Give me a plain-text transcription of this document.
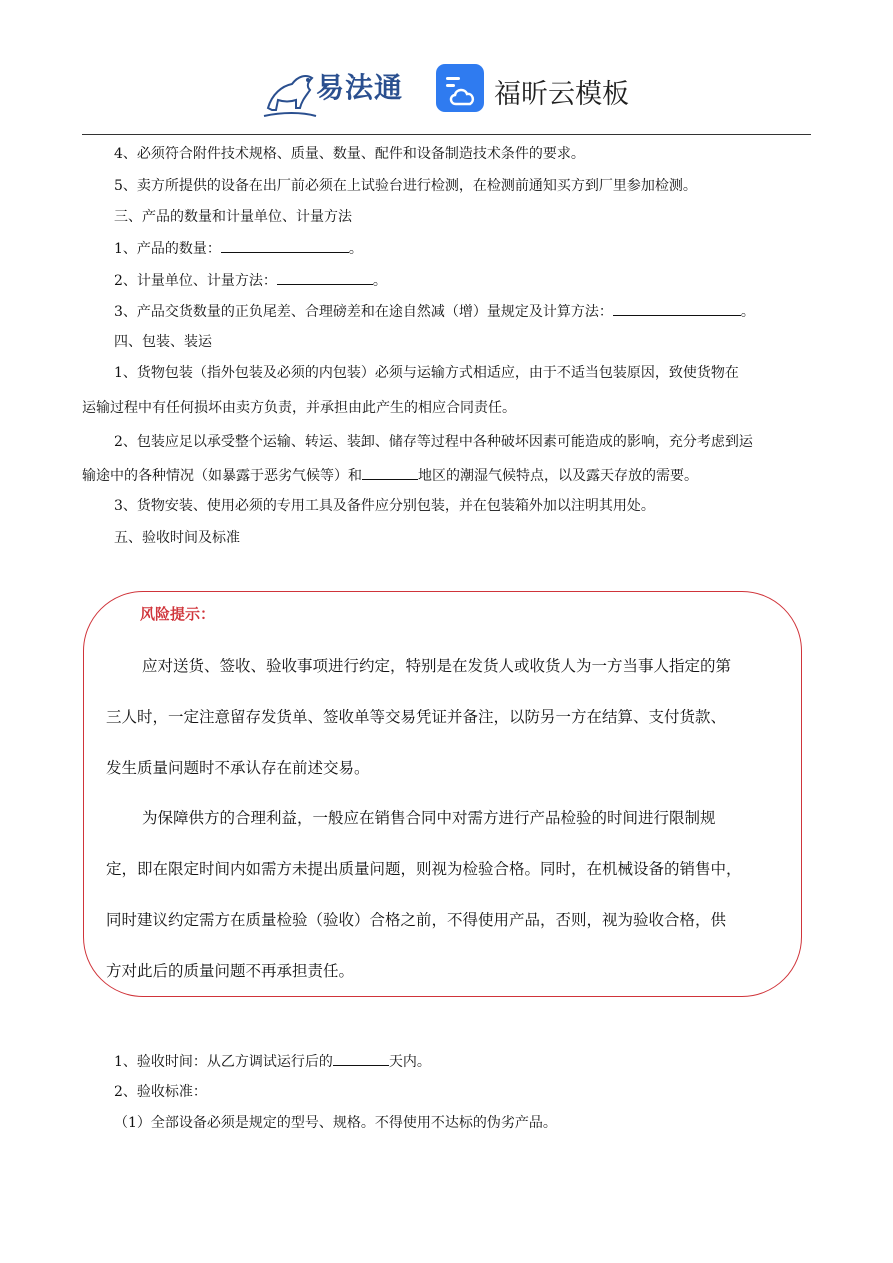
易法通	福昕云模板
4、必须符合附件技术规格、质量、数量、配件和设备制造技术条件的要求。
5、卖方所提供的设备在出厂前必须在上试验台进行检测，在检测前通知买方到厂里参加检测。
三、产品的数量和计量单位、计量方法
1、产品的数量：	。
2、计量单位、计量方法：	。
3、产品交货数量的正负尾差、合理磅差和在途自然减（增）量规定及计算方法：	。
四、包装、装运
1、货物包装（指外包装及必须的内包装）必须与运输方式相适应，由于不适当包装原因，致使货物在
运输过程中有任何损坏由卖方负责，并承担由此产生的相应合同责任。
2、包装应足以承受整个运输、转运、装卸、储存等过程中各种破坏因素可能造成的影响，充分考虑到运
输途中的各种情况（如暴露于恶劣气候等）和	地区的潮湿气候特点，以及露天存放的需要。
3、货物安装、使用必须的专用工具及备件应分别包装，并在包装箱外加以注明其用处。
五、验收时间及标准
风险提示：
应对送货、签收、验收事项进行约定，特别是在发货人或收货人为一方当事人指定的第
三人时，一定注意留存发货单、签收单等交易凭证并备注，以防另一方在结算、支付货款、
发生质量问题时不承认存在前述交易。
为保障供方的合理利益，一般应在销售合同中对需方进行产品检验的时间进行限制规
定，即在限定时间内如需方未提出质量问题，则视为检验合格。同时，在机械设备的销售中，
同时建议约定需方在质量检验（验收）合格之前，不得使用产品，否则，视为验收合格，供
方对此后的质量问题不再承担责任。
1、验收时间：从乙方调试运行后的	天内。
2、验收标准：
（1）全部设备必须是规定的型号、规格。不得使用不达标的伪劣产品。
